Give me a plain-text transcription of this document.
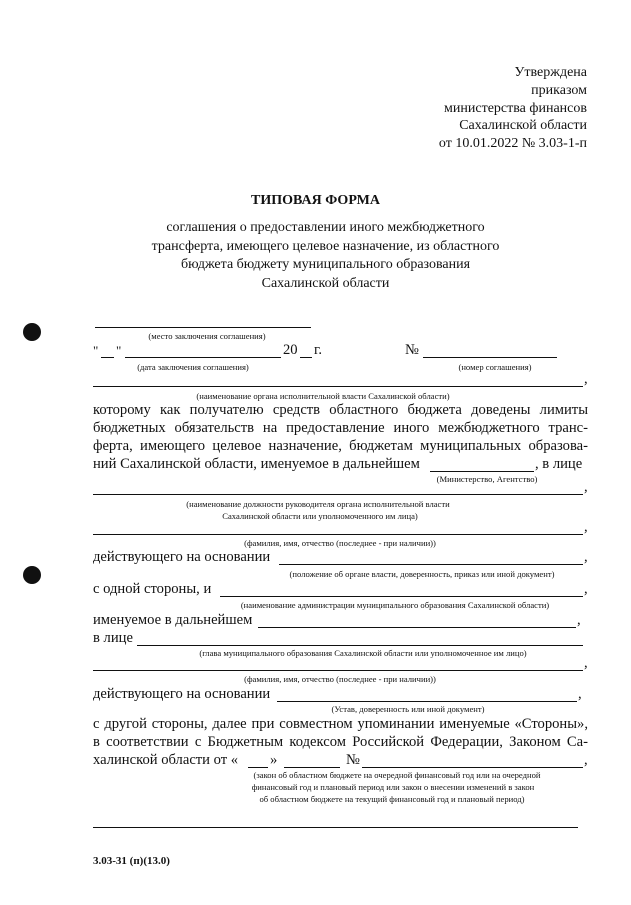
Утверждена
приказом
министерства финансов
Сахалинской области
от 10.01.2022 № 3.03-1-п
ТИПОВАЯ ФОРМА
соглашения о предоставлении иного межбюджетного
трансферта, имеющего целевое назначение, из областного
бюджета бюджету муниципального образования
Сахалинской области
(место заключения соглашения)
" "	20 г.
(дата заключения соглашения)
№
(номер соглашения)
,
(наименование органа исполнительной власти Сахалинской области)
которому как получателю средств областного бюджета доведены лимиты
бюджетных обязательств на предоставление иного межбюджетного транс-
ферта, имеющего целевое назначение, бюджетам муниципальных образова-
ний Сахалинской области, именуемое в дальнейшем	, в лице
(Министерство, Агентство)	,
(наименование должности руководителя органа исполнительной власти
Сахалинской области или уполномоченного им лица)
,
(фамилия, имя, отчество (последнее - при наличии))
действующего на основании	,
(положение об органе власти, доверенность, приказ или иной документ)
с одной стороны, и	,
(наименование администрации муниципального образования Сахалинской области)
именуемое в дальнейшем	,
в лице
(глава муниципального образования Сахалинской области или уполномоченное им лицо)
,
(фамилия, имя, отчество (последнее - при наличии))
действующего на основании	,
(Устав, доверенность или иной документ)
с другой стороны, далее при совместном упоминании именуемые «Стороны»,
в соответствии с Бюджетным кодексом Российской Федерации, Законом Са-
халинской области от « »	№	,
(закон об областном бюджете на очередной финансовый год или на очередной
финансовый год и плановый период или закон о внесении изменений в закон
об областном бюджете на текущий финансовый год и плановый период)
3.03-31 (п)(13.0)
